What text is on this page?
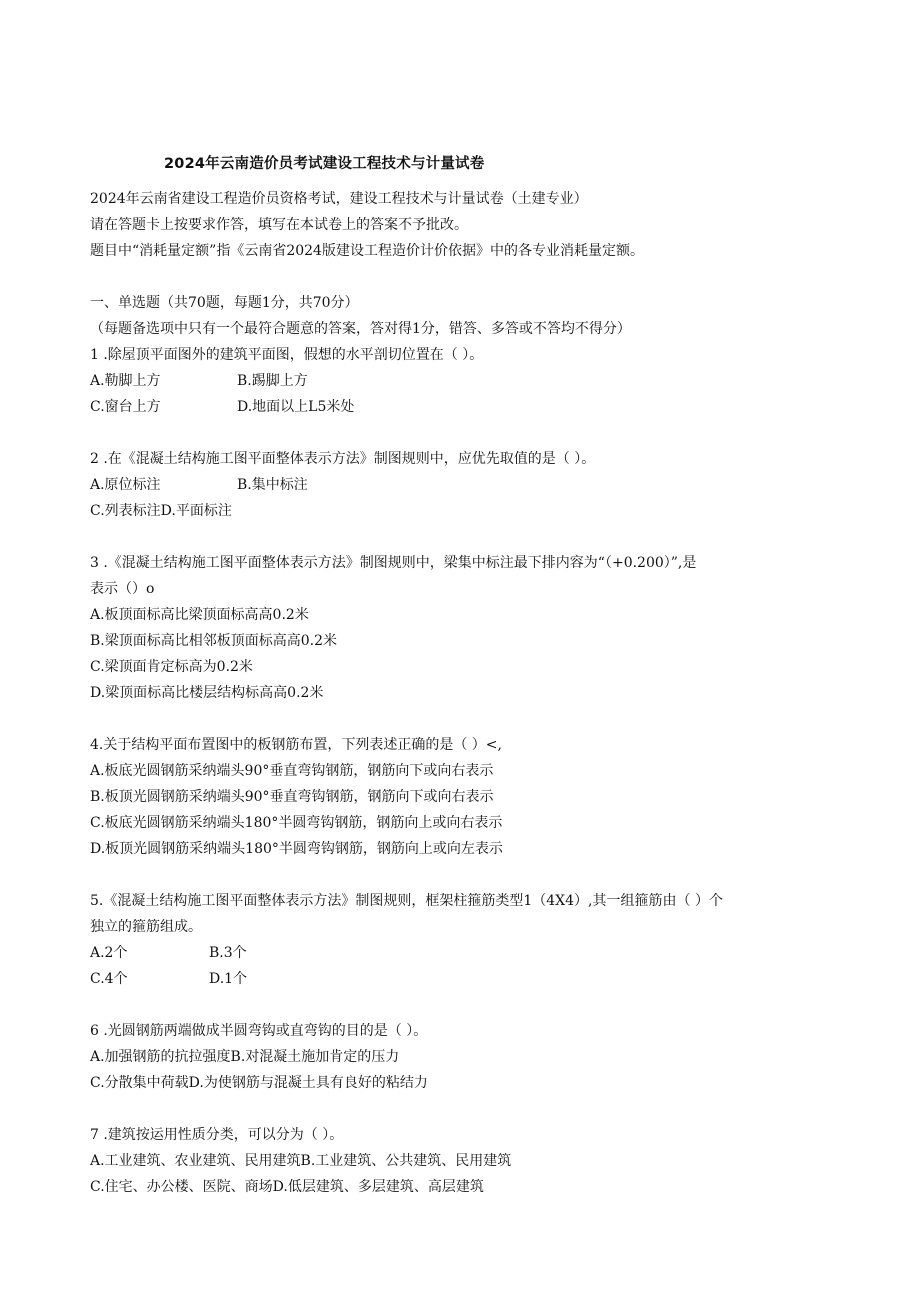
2024年云南造价员考试建设工程技术与计量试卷
2024年云南省建设工程造价员资格考试，建设工程技术与计量试卷（土建专业）
请在答题卡上按要求作答，填写在本试卷上的答案不予批改。
题目中“消耗量定额”指《云南省2024版建设工程造价计价依据》中的各专业消耗量定额。
一、单选题（共70题，每题1分，共70分）
（每题备选项中只有一个最符合题意的答案，答对得1分，错答、多答或不答均不得分）
1 .除屋顶平面图外的建筑平面图，假想的水平剖切位置在（ ）。
A.勒脚上方	B.踢脚上方
C.窗台上方	D.地面以上L5米处
2 .在《混凝土结构施工图平面整体表示方法》制图规则中，应优先取值的是（ ）。
A.原位标注	B.集中标注
C.列表标注D.平面标注
3 .《混凝土结构施工图平面整体表示方法》制图规则中，梁集中标注最下排内容为“（+0.200）”,是
表示（）o
A.板顶面标高比梁顶面标高高0.2米
B.梁顶面标高比相邻板顶面标高高0.2米
C.梁顶面肯定标高为0.2米
D.梁顶面标高比楼层结构标高高0.2米
4.关于结构平面布置图中的板钢筋布置，下列表述正确的是（ ）<,
A.板底光圆钢筋采纳端头90°垂直弯钩钢筋，钢筋向下或向右表示
B.板顶光圆钢筋采纳端头90°垂直弯钩钢筋，钢筋向下或向右表示
C.板底光圆钢筋采纳端头180°半圆弯钩钢筋，钢筋向上或向右表示
D.板顶光圆钢筋采纳端头180°半圆弯钩钢筋，钢筋向上或向左表示
5.《混凝土结构施工图平面整体表示方法》制图规则，框架柱箍筋类型1（4X4）,其一组箍筋由（ ）个
独立的箍筋组成。
A.2个	B.3个
C.4个	D.1个
6 .光圆钢筋两端做成半圆弯钩或直弯钩的目的是（ ）。
A.加强钢筋的抗拉强度B.对混凝土施加肯定的压力
C.分散集中荷载D.为使钢筋与混凝土具有良好的粘结力
7 .建筑按运用性质分类，可以分为（ ）。
A.工业建筑、农业建筑、民用建筑B.工业建筑、公共建筑、民用建筑
C.住宅、办公楼、医院、商场D.低层建筑、多层建筑、高层建筑
